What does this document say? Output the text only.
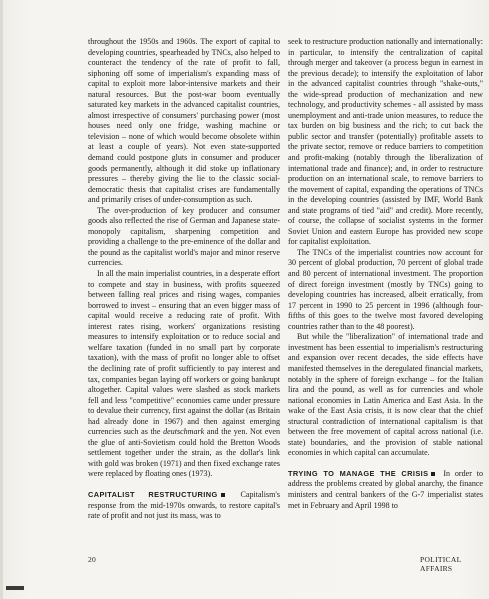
throughout the 1950s and 1960s. The export of capital to developing countries, spearheaded by TNCs, also helped to counteract the tendency of the rate of profit to fall, siphoning off some of imperialism's expanding mass of capital to exploit more labor-intensive markets and their natural resources. But the post-war boom eventually saturated key markets in the advanced capitalist countries, almost irrespective of consumers' purchasing power (most houses need only one fridge, washing machine or television – none of which would become obsolete within at least a couple of years). Not even state-supported demand could postpone gluts in consumer and producer goods permanently, although it did stoke up inflationary pressures – thereby giving the lie to the classic social-democratic thesis that capitalist crises are fundamentally and primarily crises of under-consumption as such.

The over-production of key producer and consumer goods also reflected the rise of German and Japanese state-monopoly capitalism, sharpening competition and providing a challenge to the pre-eminence of the dollar and the pound as the capitalist world's major and minor reserve currencies.

In all the main imperialist countries, in a desperate effort to compete and stay in business, with profits squeezed between falling real prices and rising wages, companies borrowed to invest – ensuring that an even bigger mass of capital would receive a reducing rate of profit. With interest rates rising, workers' organizations resisting measures to intensify exploitation or to reduce social and welfare taxation (funded in no small part by corporate taxation), with the mass of profit no longer able to offset the declining rate of profit sufficiently to pay interest and tax, companies began laying off workers or going bankrupt altogether. Capital values were slashed as stock markets fell and less "competitive" economies came under pressure to devalue their currency, first against the dollar (as Britain had already done in 1967) and then against emerging currencies such as the deutschmark and the yen. Not even the glue of anti-Sovietism could hold the Bretton Woods settlement together under the strain, as the dollar's link with gold was broken (1971) and then fixed exchange rates were replaced by floating ones (1973).

CAPITALIST RESTRUCTURING Capitalism's response from the mid-1970s onwards, to restore capital's rate of profit and not just its mass, was to

seek to restructure production nationally and internationally: in particular, to intensify the centralization of capital through merger and takeover (a process begun in earnest in the previous decade); to intensify the exploitation of labor in the advanced capitalist countries through "shake-outs," the wide-spread production of mechanization and new technology, and productivity schemes - all assisted by mass unemployment and anti-trade union measures, to reduce the tax burden on big business and the rich; to cut back the public sector and transfer (potentially) profitable assets to the private sector, remove or reduce barriers to competition and profit-making (notably through the liberalization of international trade and finance); and, in order to restructure production on an international scale, to remove barriers to the movement of capital, expanding the operations of TNCs in the developing countries (assisted by IMF, World Bank and state programs of tied "aid" and credit). More recently, of course, the collapse of socialist systems in the former Soviet Union and eastern Europe has provided new scope for capitalist exploitation.

The TNCs of the imperialist countries now account for 30 percent of global production, 70 percent of global trade and 80 percent of international investment. The proportion of direct foreign investment (mostly by TNCs) going to developing countries has increased, albeit erratically, from 17 percent in 1990 to 25 percent in 1996 (although four-fifths of this goes to the twelve most favored developing countries rather than to the 48 poorest).

But while the "liberalization" of international trade and investment has been essential to imperialism's restructuring and expansion over recent decades, the side effects have manifested themselves in the deregulated financial markets, notably in the sphere of foreign exchange – for the Italian lira and the pound, as well as for currencies and whole national economies in Latin America and East Asia. In the wake of the East Asia crisis, it is now clear that the chief structural contradiction of international capitalism is that between the free movement of capital across national (i.e. state) boundaries, and the provision of stable national economies in which capital can accumulate.

TRYING TO MANAGE THE CRISIS In order to address the problems created by global anarchy, the finance ministers and central bankers of the G-7 imperialist states met in February and April 1998 to

20	POLITICAL AFFAIRS
